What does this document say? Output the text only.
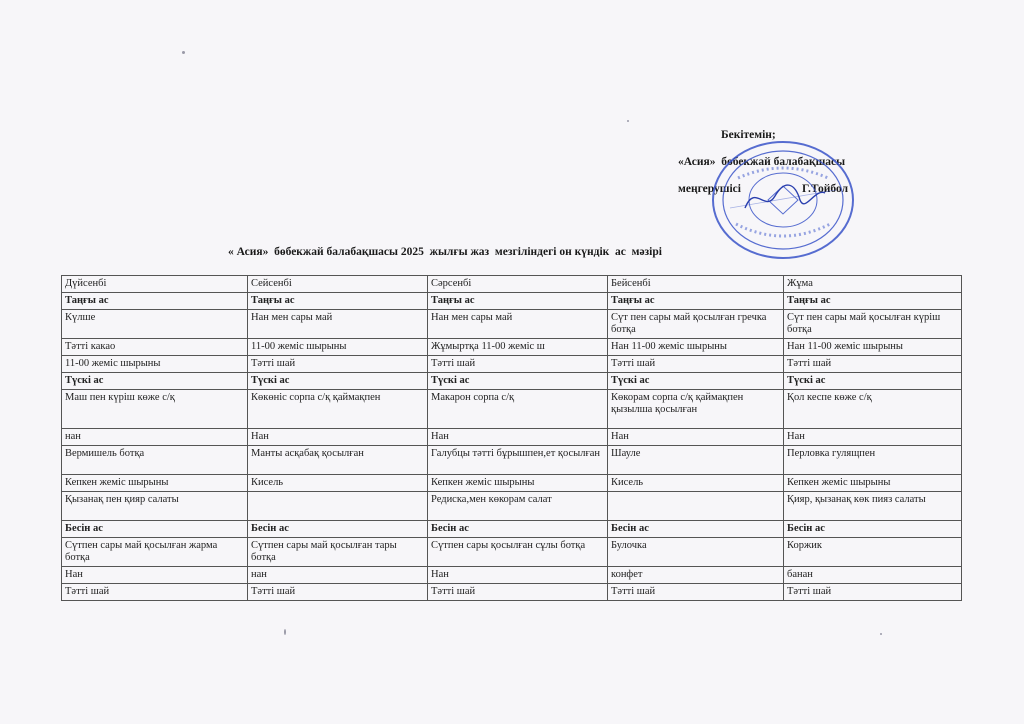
Бекітемін;
«Асия»  бөбекжай балабақшасы
меңгерушісі	Г.Тойбол
« Асия»  бөбекжай балабақшасы 2025  жылғы жаз  мезгіліндегі он күндік  ас  мәзірі
Дүйсенбі	Сейсенбі	Сәрсенбі	Бейсенбі	Жұма
Таңғы ас	Таңғы ас	Таңғы ас	Таңғы ас	Таңғы ас
Күлше	Нан мен сары май	Нан мен сары май	Сүт пен сары май қосылған гречка ботқа	Сүт пен сары май қосылған күріш ботқа
Тәтті какао	11-00 жеміс шырыны	Жұмыртқа 11-00 жеміс ш	Нан 11-00 жеміс шырыны	Нан 11-00 жеміс шырыны
11-00 жеміс шырыны	Тәтті шай	Тәтті шай	Тәтті шай	Тәтті шай
Түскі ас	Түскі ас	Түскі ас	Түскі ас	Түскі ас
Маш пен күріш көже с/қ	Көкөніс сорпа с/қ қаймақпен	Макарон сорпа с/қ	Көкорам сорпа с/қ қаймақпен қызылша қосылған	Қол кеспе көже с/қ
нан	Нан	Нан	Нан	Нан
Вермишель ботқа	Манты асқабақ қосылған	Галубцы тәтті бұрышпен,ет қосылған	Шауле	Перловка гулящпен
Кепкен жеміс шырыны	Кисель	Кепкен жеміс шырыны	Кисель	Кепкен жеміс шырыны
Қызанақ пен қияр салаты		Редиска,мен көкорам салат		Қияр, қызанақ көк пияз салаты
Бесін ас	Бесін ас	Бесін ас	Бесін ас	Бесін ас
Сүтпен сары май қосылған жарма ботқа	Сүтпен сары май қосылған тары ботқа	Сүтпен сары қосылған сұлы ботқа	Булочка	Коржик
Нан	нан	Нан	конфет	банан
Тәтті шай	Тәтті шай	Тәтті шай	Тәтті шай	Тәтті шай
